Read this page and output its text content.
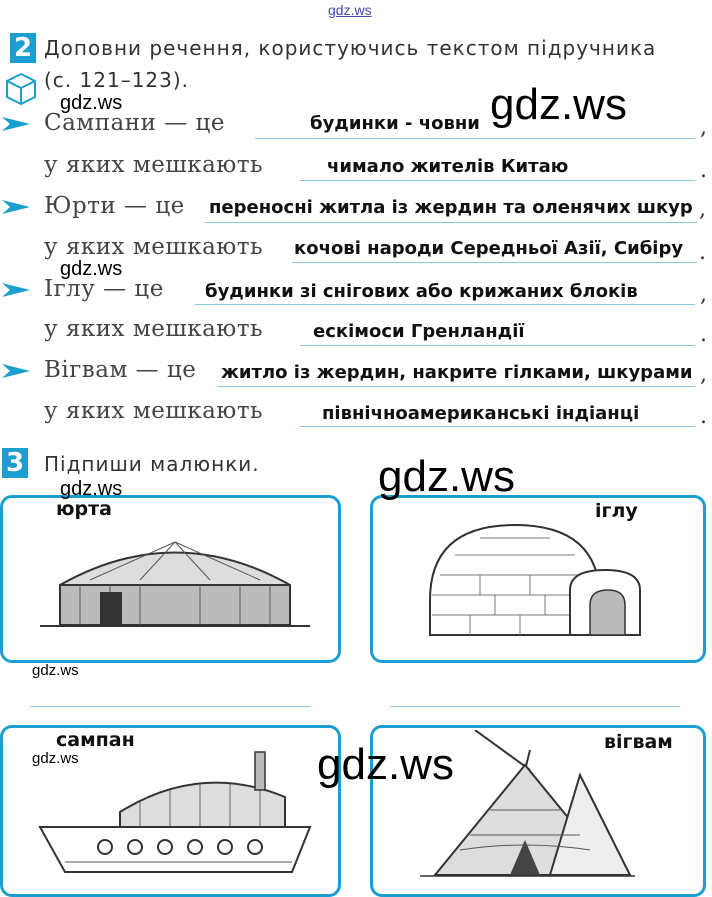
gdz.ws
2 Доповни речення, користуючись текстом підручника
(с. 121–123).
Сампани — це	будинки - човни	,
у яких мешкають	чимало жителів Китаю	.
Юрти — це переносні житла із жердин та оленячих шкур ,
у яких мешкають кочові народи Середньої Азії, Сибіру .
Іглу — це будинки зі снігових або крижаних блоків	,
у яких мешкають	ескімоси Гренландії	.
Вігвам — це житло із жердин, накрите гілками, шкурами ,
у яких мешкають	північноамериканські індіанці	.
3 Підпиши малюнки.
юрта	іглу
сампан	вігвам
gdz.ws	gdz.ws
gdz.ws
gdz.ws
gdz.ws
gdz.ws
gdz.ws	gdz.ws
